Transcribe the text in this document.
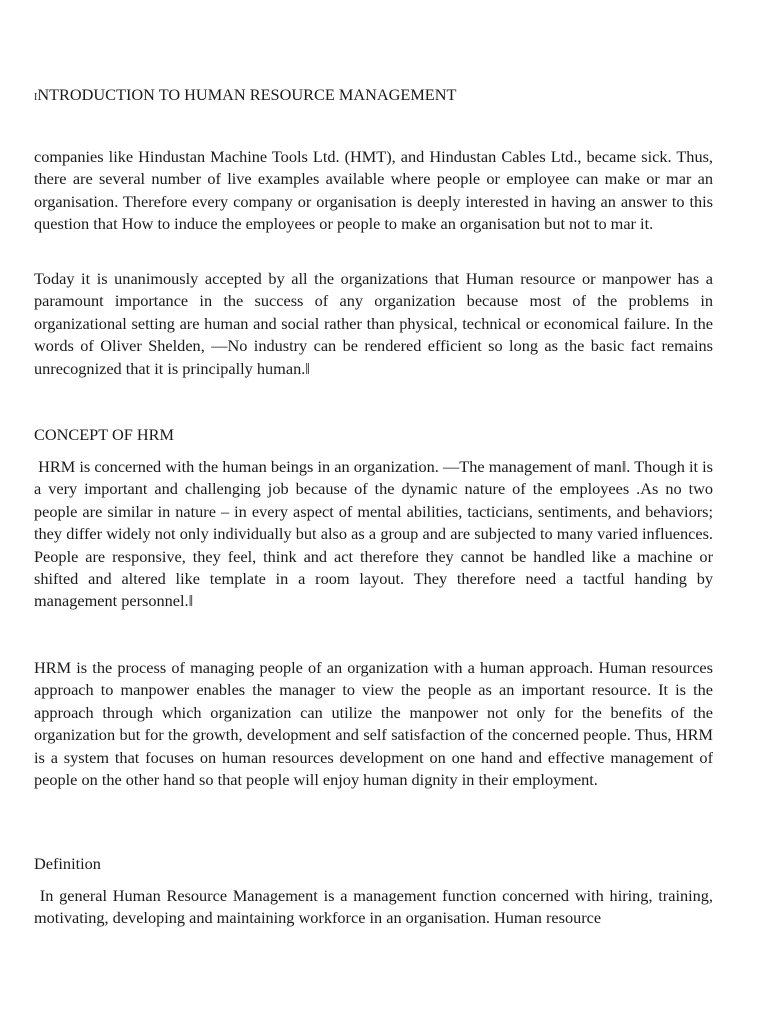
INTRODUCTION TO HUMAN RESOURCE MANAGEMENT

companies like Hindustan Machine Tools Ltd. (HMT), and Hindustan Cables Ltd., became sick. Thus, there are several number of live examples available where people or employee can make or mar an organisation. Therefore every company or organisation is deeply interested in having an answer to this question that How to induce the employees or people to make an organisation but not to mar it.

Today it is unanimously accepted by all the organizations that Human resource or manpower has a paramount importance in the success of any organization because most of the problems in organizational setting are human and social rather than physical, technical or economical failure. In the words of Oliver Shelden, —No industry can be rendered efficient so long as the basic fact remains unrecognized that it is principally human.‖

CONCEPT OF HRM

HRM is concerned with the human beings in an organization. —The management of man‖. Though it is a very important and challenging job because of the dynamic nature of the employees .As no two people are similar in nature – in every aspect of mental abilities, tacticians, sentiments, and behaviors; they differ widely not only individually but also as a group and are subjected to many varied influences. People are responsive, they feel, think and act therefore they cannot be handled like a machine or shifted and altered like template in a room layout. They therefore need a tactful handing by management personnel.‖

HRM is the process of managing people of an organization with a human approach. Human resources approach to manpower enables the manager to view the people as an important resource. It is the approach through which organization can utilize the manpower not only for the benefits of the organization but for the growth, development and self satisfaction of the concerned people. Thus, HRM is a system that focuses on human resources development on one hand and effective management of people on the other hand so that people will enjoy human dignity in their employment.

Definition

In general Human Resource Management is a management function concerned with hiring, training, motivating, developing and maintaining workforce in an organisation. Human resource
